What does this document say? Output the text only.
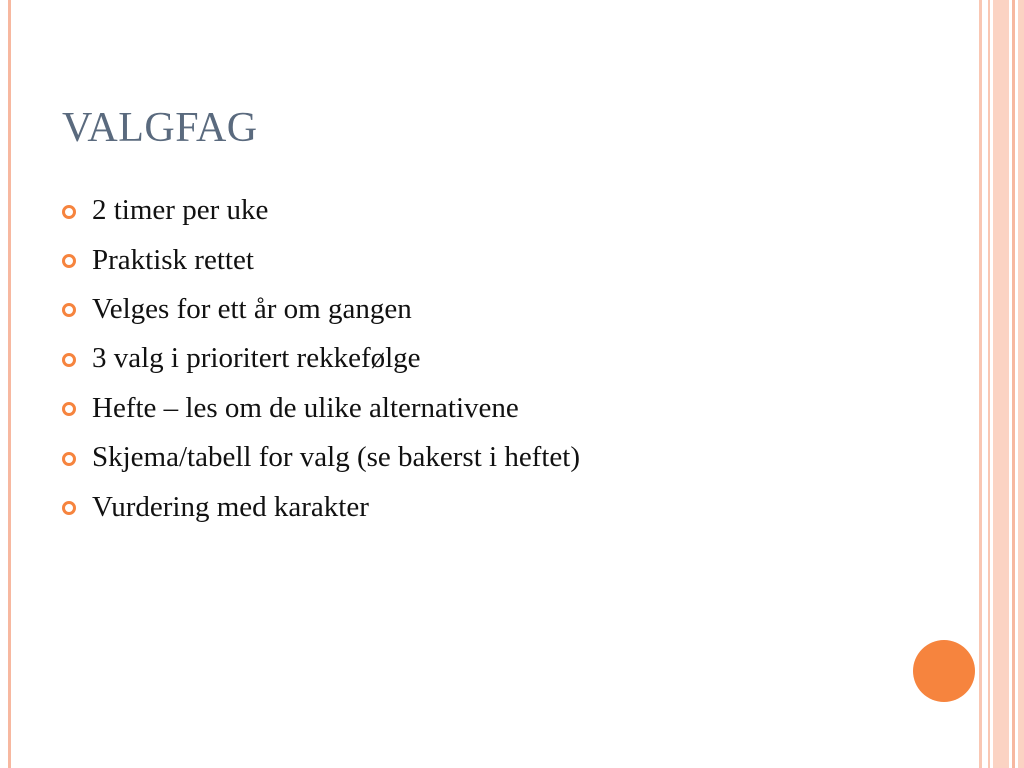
VALGFAG
2 timer per uke
Praktisk rettet
Velges for ett år om gangen
3 valg i prioritert rekkefølge
Hefte – les om de ulike alternativene
Skjema/tabell for valg (se bakerst i heftet)
Vurdering med karakter
